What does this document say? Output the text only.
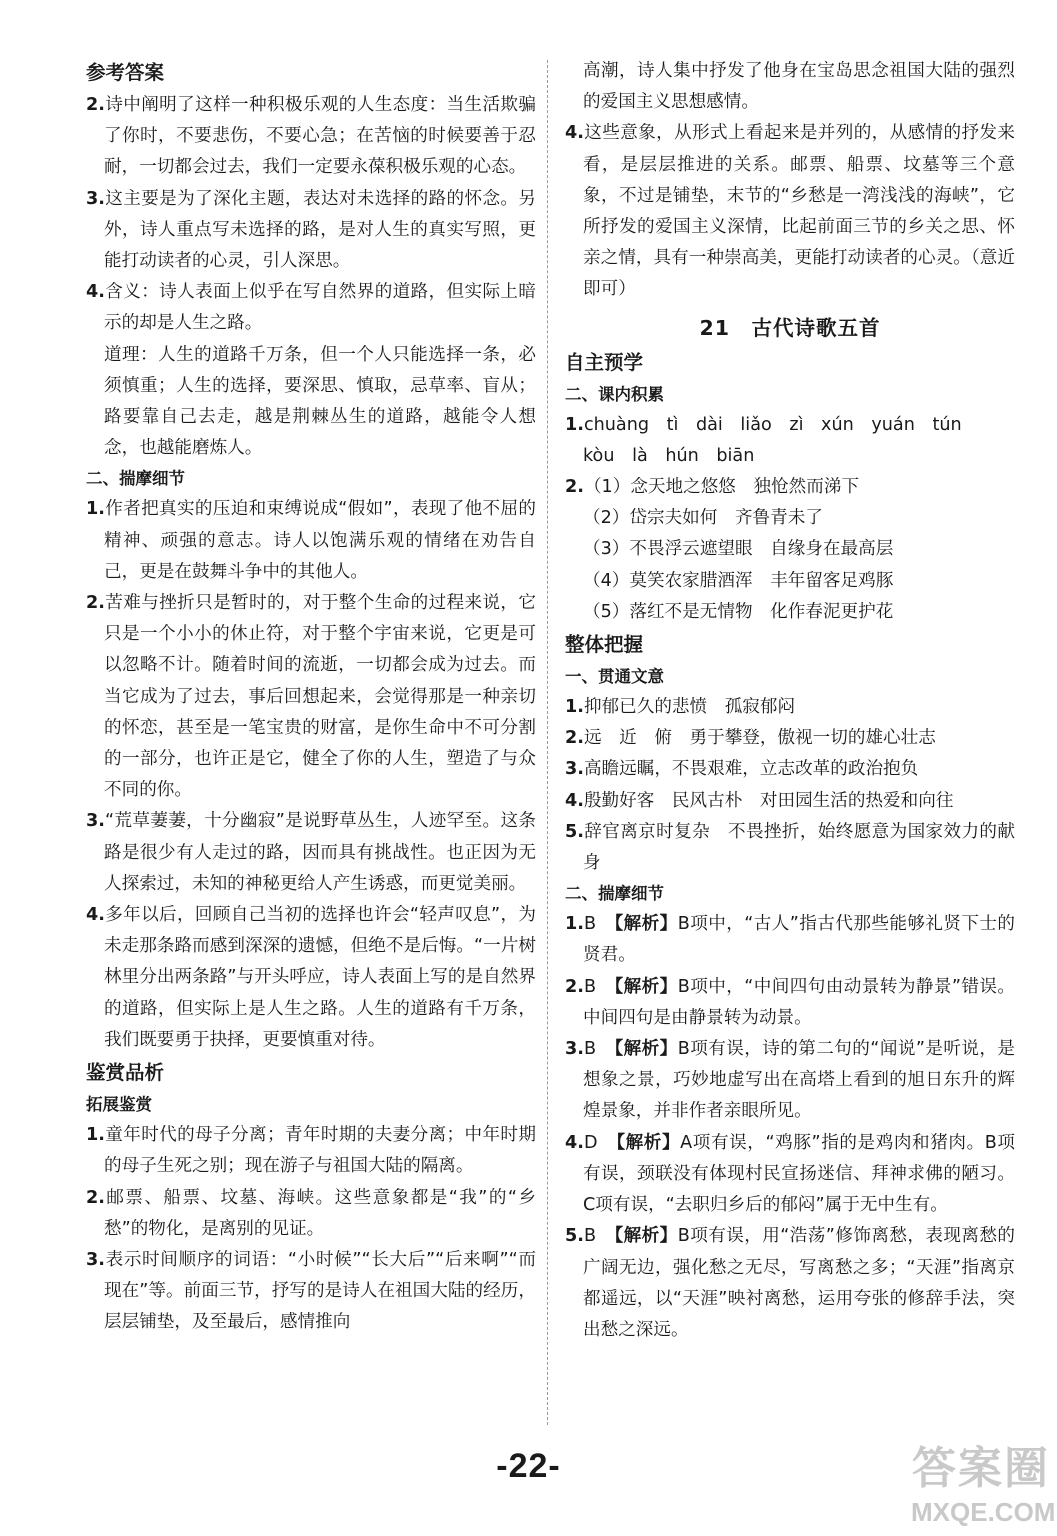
参考答案

2.诗中阐明了这样一种积极乐观的人生态度：当生活欺骗了你时，不要悲伤，不要心急；在苦恼的时候要善于忍耐，一切都会过去，我们一定要永葆积极乐观的心态。

3.这主要是为了深化主题，表达对未选择的路的怀念。另外，诗人重点写未选择的路，是对人生的真实写照，更能打动读者的心灵，引人深思。

4.含义：诗人表面上似乎在写自然界的道路，但实际上暗示的却是人生之路。

道理：人生的道路千万条，但一个人只能选择一条，必须慎重；人生的选择，要深思、慎取，忌草率、盲从；路要靠自己去走，越是荆棘丛生的道路，越能令人想念，也越能磨炼人。

二、揣摩细节

1.作者把真实的压迫和束缚说成“假如”，表现了他不屈的精神、顽强的意志。诗人以饱满乐观的情绪在劝告自己，更是在鼓舞斗争中的其他人。

2.苦难与挫折只是暂时的，对于整个生命的过程来说，它只是一个小小的休止符，对于整个宇宙来说，它更是可以忽略不计。随着时间的流逝，一切都会成为过去。而当它成为了过去，事后回想起来，会觉得那是一种亲切的怀恋，甚至是一笔宝贵的财富，是你生命中不可分割的一部分，也许正是它，健全了你的人生，塑造了与众不同的你。

3.“荒草萋萋，十分幽寂”是说野草丛生，人迹罕至。这条路是很少有人走过的路，因而具有挑战性。也正因为无人探索过，未知的神秘更给人产生诱惑，而更觉美丽。

4.多年以后，回顾自己当初的选择也许会“轻声叹息”，为未走那条路而感到深深的遗憾，但绝不是后悔。“一片树林里分出两条路”与开头呼应，诗人表面上写的是自然界的道路，但实际上是人生之路。人生的道路有千万条，我们既要勇于抉择，更要慎重对待。

鉴赏品析
拓展鉴赏

1.童年时代的母子分离；青年时期的夫妻分离；中年时期的母子生死之别；现在游子与祖国大陆的隔离。

2.邮票、船票、坟墓、海峡。这些意象都是“我”的“乡愁”的物化，是离别的见证。

3.表示时间顺序的词语：“小时候”“长大后”“后来啊”“而现在”等。前面三节，抒写的是诗人在祖国大陆的经历，层层铺垫，及至最后，感情推向

高潮，诗人集中抒发了他身在宝岛思念祖国大陆的强烈的爱国主义思想感情。

4.这些意象，从形式上看起来是并列的，从感情的抒发来看，是层层推进的关系。邮票、船票、坟墓等三个意象，不过是铺垫，末节的“乡愁是一湾浅浅的海峡”，它所抒发的爱国主义深情，比起前面三节的乡关之思、怀亲之情，具有一种崇高美，更能打动读者的心灵。（意近即可）

21　古代诗歌五首
自主预学
二、课内积累

1.chuàng　tì　dài　liǎo　zì　xún　yuán　tún

kòu　là　hún　biān

2.（1）念天地之悠悠　独怆然而涕下

（2）岱宗夫如何　齐鲁青未了

（3）不畏浮云遮望眼　自缘身在最高层

（4）莫笑农家腊酒浑　丰年留客足鸡豚

（5）落红不是无情物　化作春泥更护花

整体把握
一、贯通文意

1.抑郁已久的悲愤　孤寂郁闷

2.远　近　俯　勇于攀登，傲视一切的雄心壮志

3.高瞻远瞩，不畏艰难，立志改革的政治抱负

4.殷勤好客　民风古朴　对田园生活的热爱和向往

5.辞官离京时复杂　不畏挫折，始终愿意为国家效力的献身

二、揣摩细节

1.B　 【解析】B项中，“古人”指古代那些能够礼贤下士的贤君。

2.B　 【解析】B项中，“中间四句由动景转为静景”错误。中间四句是由静景转为动景。

3.B　 【解析】B项有误，诗的第二句的“闻说”是听说，是想象之景，巧妙地虚写出在高塔上看到的旭日东升的辉煌景象，并非作者亲眼所见。

4.D　 【解析】A项有误，“鸡豚”指的是鸡肉和猪肉。B项有误，颈联没有体现村民宣扬迷信、拜神求佛的陋习。C项有误，“去职归乡后的郁闷”属于无中生有。

5.B　 【解析】B项有误，用“浩荡”修饰离愁，表现离愁的广阔无边，强化愁之无尽，写离愁之多；“天涯”指离京都遥远，以“天涯”映衬离愁，运用夸张的修辞手法，突出愁之深远。

-22-	答案圈
MXQE.COM
